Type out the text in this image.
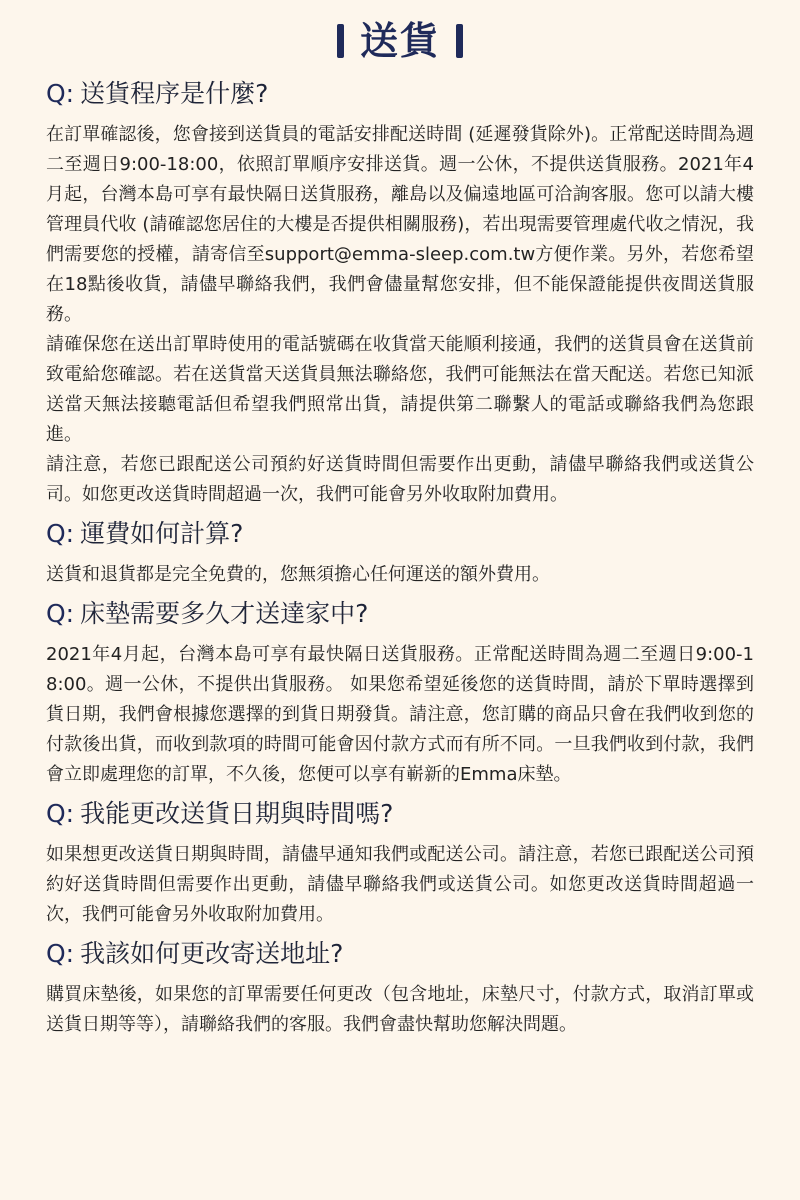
送貨
Q: 送貨程序是什麼?

在訂單確認後，您會接到送貨員的電話安排配送時間 (延遲發貨除外)。正常配送時間為週二至週日9:00-18:00，依照訂單順序安排送貨。週一公休，不提供送貨服務。2021年4月起，台灣本島可享有最快隔日送貨服務，離島以及偏遠地區可洽詢客服。您可以請大樓管理員代收 (請確認您居住的大樓是否提供相關服務)，若出現需要管理處代收之情況，我們需要您的授權，請寄信至support@emma-sleep.com.tw方便作業。另外，若您希望在18點後收貨，請儘早聯絡我們，我們會儘量幫您安排，但不能保證能提供夜間送貨服務。

請確保您在送出訂單時使用的電話號碼在收貨當天能順利接通，我們的送貨員會在送貨前致電給您確認。若在送貨當天送貨員無法聯絡您，我們可能無法在當天配送。若您已知派送當天無法接聽電話但希望我們照常出貨，請提供第二聯繫人的電話或聯絡我們為您跟進。

請注意，若您已跟配送公司預約好送貨時間但需要作出更動，請儘早聯絡我們或送貨公司。如您更改送貨時間超過一次，我們可能會另外收取附加費用。

Q: 運費如何計算?

送貨和退貨都是完全免費的，您無須擔心任何運送的額外費用。

Q: 床墊需要多久才送達家中?

2021年4月起，台灣本島可享有最快隔日送貨服務。正常配送時間為週二至週日9:00-18:00。週一公休，不提供出貨服務。 如果您希望延後您的送貨時間，請於下單時選擇到貨日期，我們會根據您選擇的到貨日期發貨。請注意，您訂購的商品只會在我們收到您的付款後出貨，而收到款項的時間可能會因付款方式而有所不同。一旦我們收到付款，我們會立即處理您的訂單，不久後，您便可以享有嶄新的Emma床墊。

Q: 我能更改送貨日期與時間嗎?

如果想更改送貨日期與時間，請儘早通知我們或配送公司。請注意，若您已跟配送公司預約好送貨時間但需要作出更動，請儘早聯絡我們或送貨公司。如您更改送貨時間超過一次，我們可能會另外收取附加費用。

Q: 我該如何更改寄送地址?

購買床墊後，如果您的訂單需要任何更改（包含地址，床墊尺寸，付款方式，取消訂單或送貨日期等等），請聯絡我們的客服。我們會盡快幫助您解決問題。
